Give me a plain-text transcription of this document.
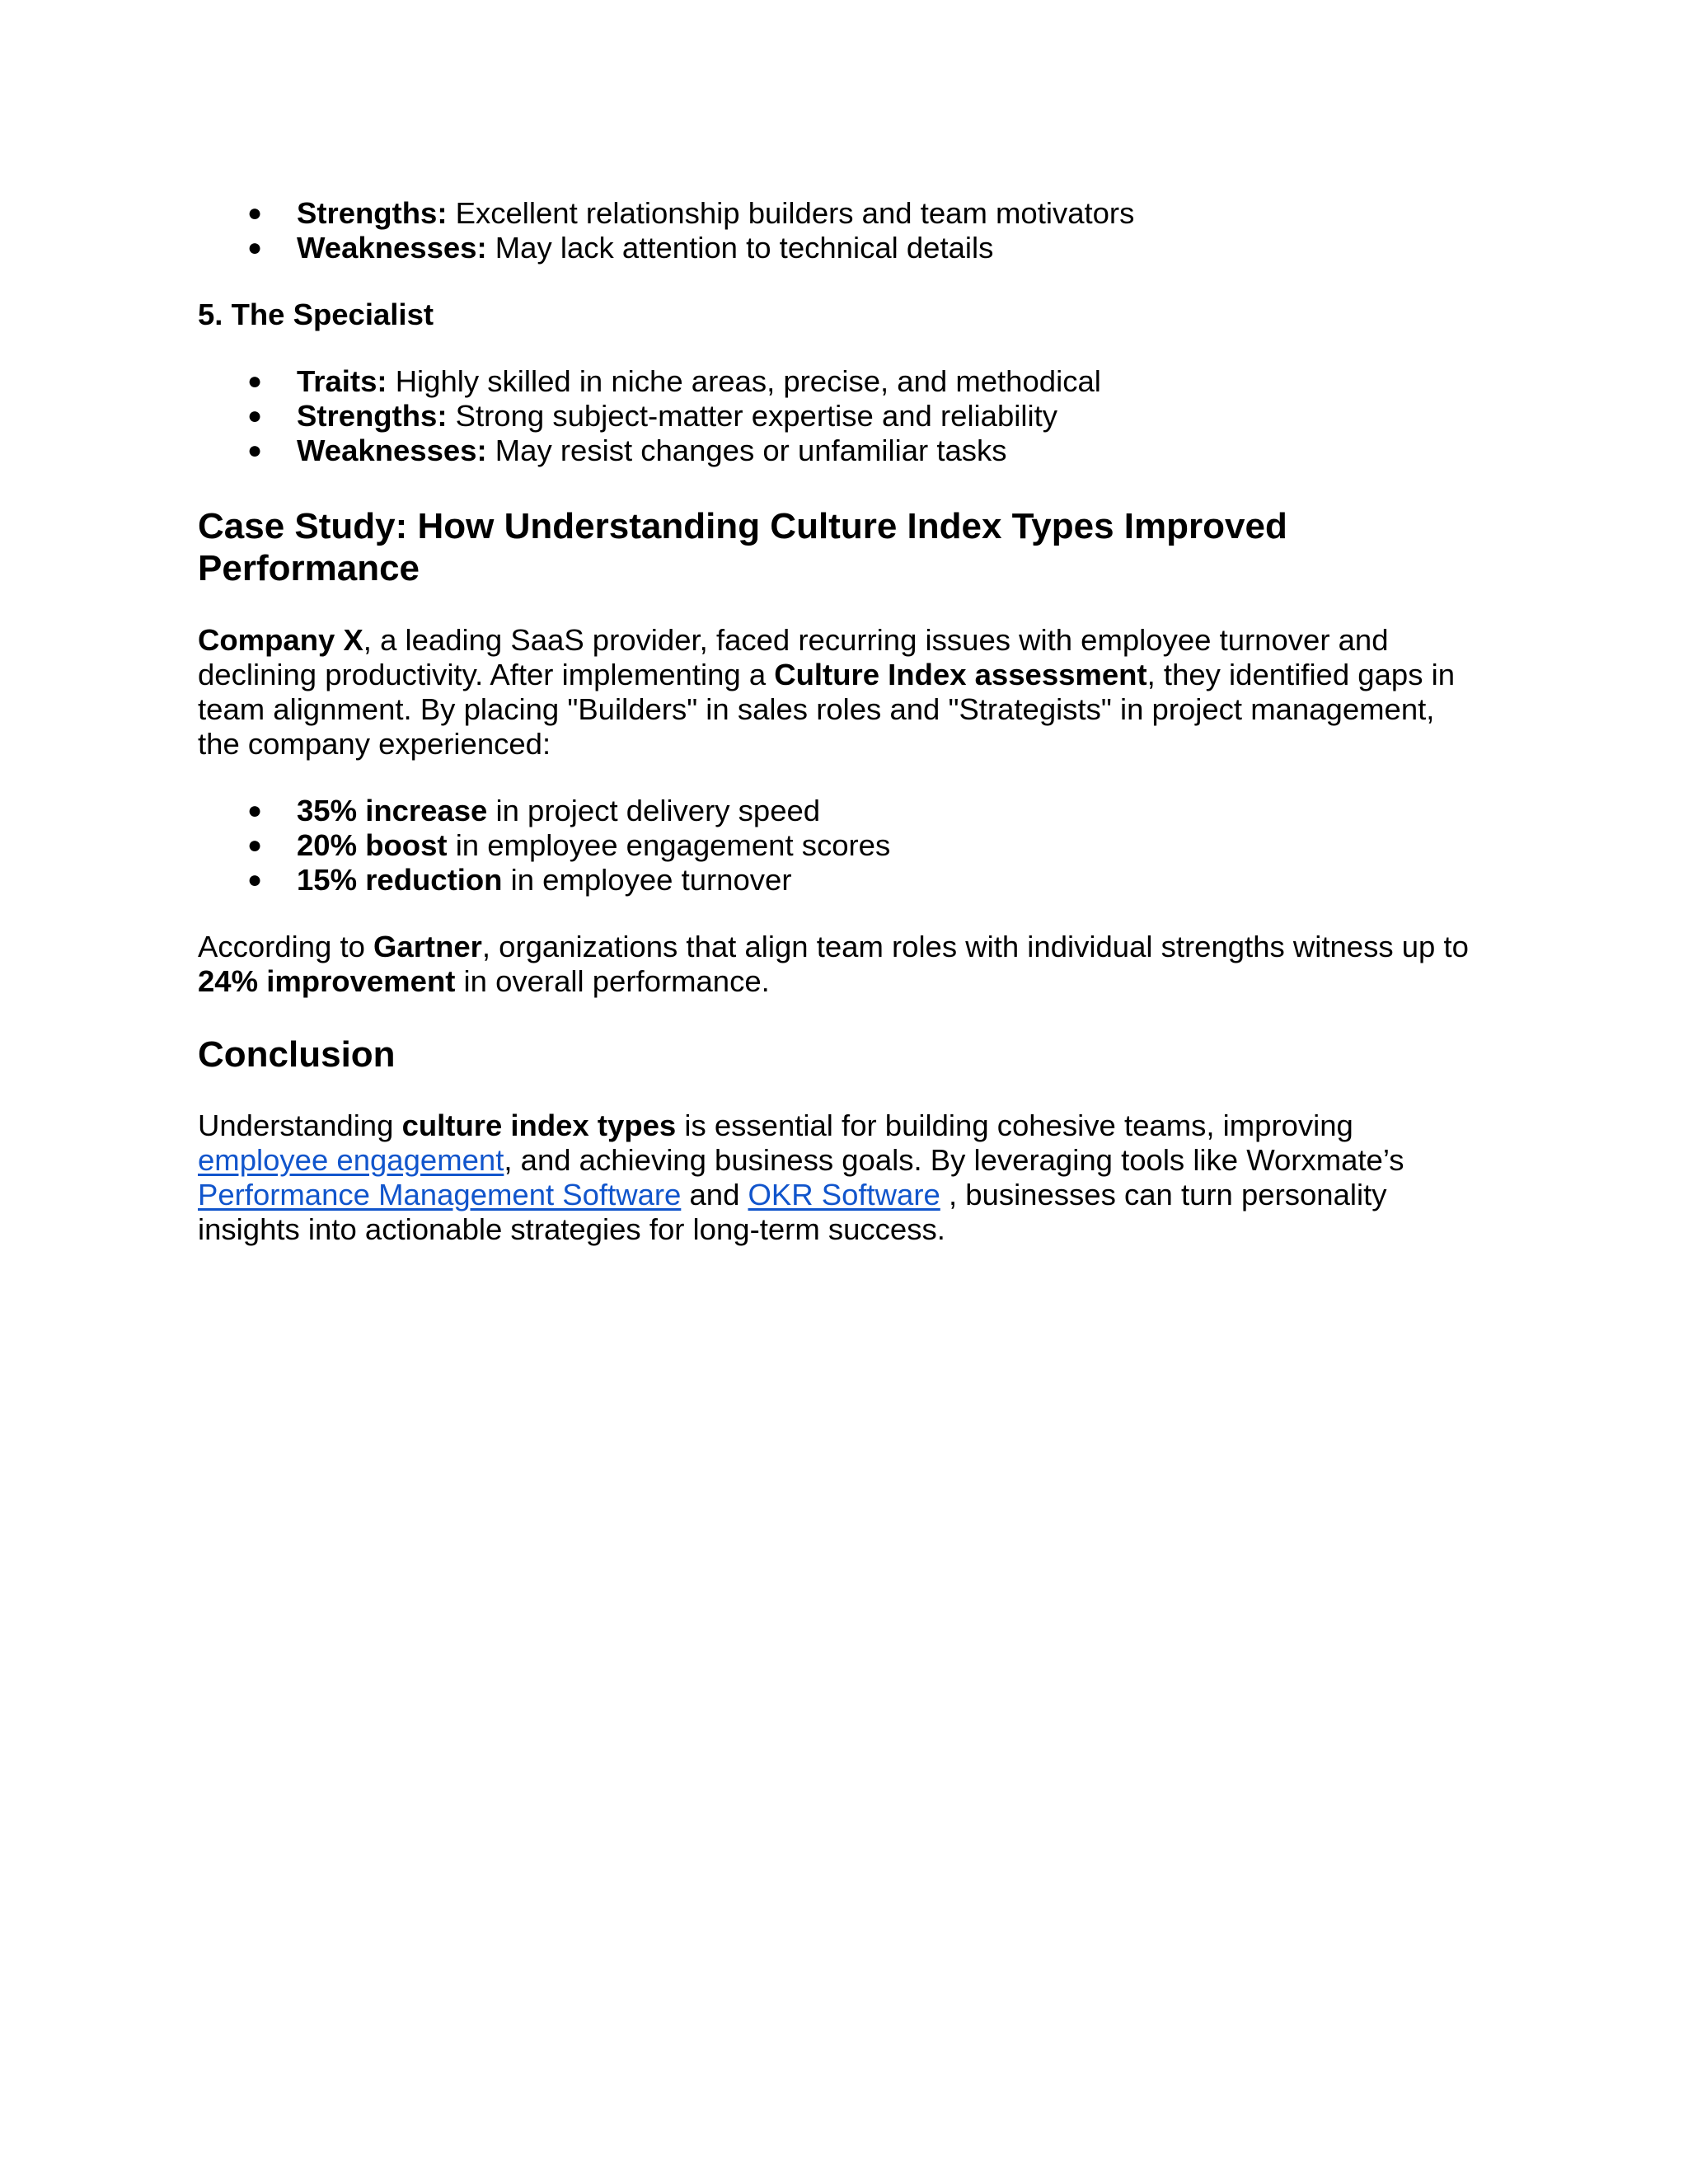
● Strengths: Excellent relationship builders and team motivators
● Weaknesses: May lack attention to technical details
5. The Specialist
● Traits: Highly skilled in niche areas, precise, and methodical
● Strengths: Strong subject-matter expertise and reliability
● Weaknesses: May resist changes or unfamiliar tasks
Case Study: How Understanding Culture Index Types Improved Performance

Company X, a leading SaaS provider, faced recurring issues with employee turnover and declining productivity. After implementing a Culture Index assessment, they identified gaps in team alignment. By placing "Builders" in sales roles and "Strategists" in project management, the company experienced:

● 35% increase in project delivery speed
● 20% boost in employee engagement scores
● 15% reduction in employee turnover

According to Gartner, organizations that align team roles with individual strengths witness up to 24% improvement in overall performance.

Conclusion

Understanding culture index types is essential for building cohesive teams, improving employee engagement, and achieving business goals. By leveraging tools like Worxmate’s Performance Management Software and OKR Software , businesses can turn personality insights into actionable strategies for long-term success.
